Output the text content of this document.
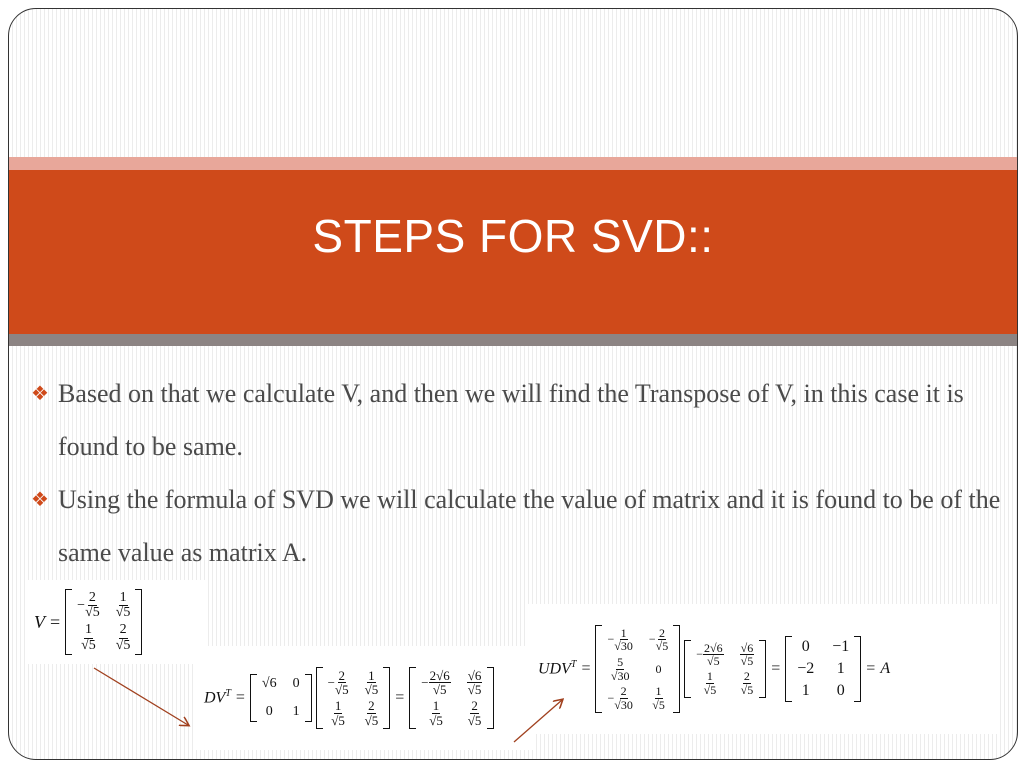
STEPS FOR SVD::
❖ Based on that we calculate V, and then we will find the Transpose of V, in this case it is found to be same.
❖ Using the formula of SVD we will calculate the value of matrix and it is found to be of the same value as matrix A.
V =
− $\frac{2}{√5} \frac{1}{√5}$
$\frac{1}{√5} \frac{2}{√5}$
$DV^T$ =
√6 0
0 1
− $\frac{2}{√5} \frac{1}{√5}$
$\frac{1}{√5} \frac{2}{√5}$
=
− $\frac{2√6}{√5} \frac{√6}{√5}$
$\frac{1}{√5} \frac{2}{√5}$
$UDV^T$ =
− $\frac{1}{√30} - \frac{2}{√5}$
$\frac{5}{√30} 0$
− $\frac{2}{√30} \frac{1}{√5}$
− $\frac{2√6}{√5} \frac{√6}{√5}$
$\frac{1}{√5} \frac{2}{√5}$
=
0 −1
−2 1
1 0
= A
